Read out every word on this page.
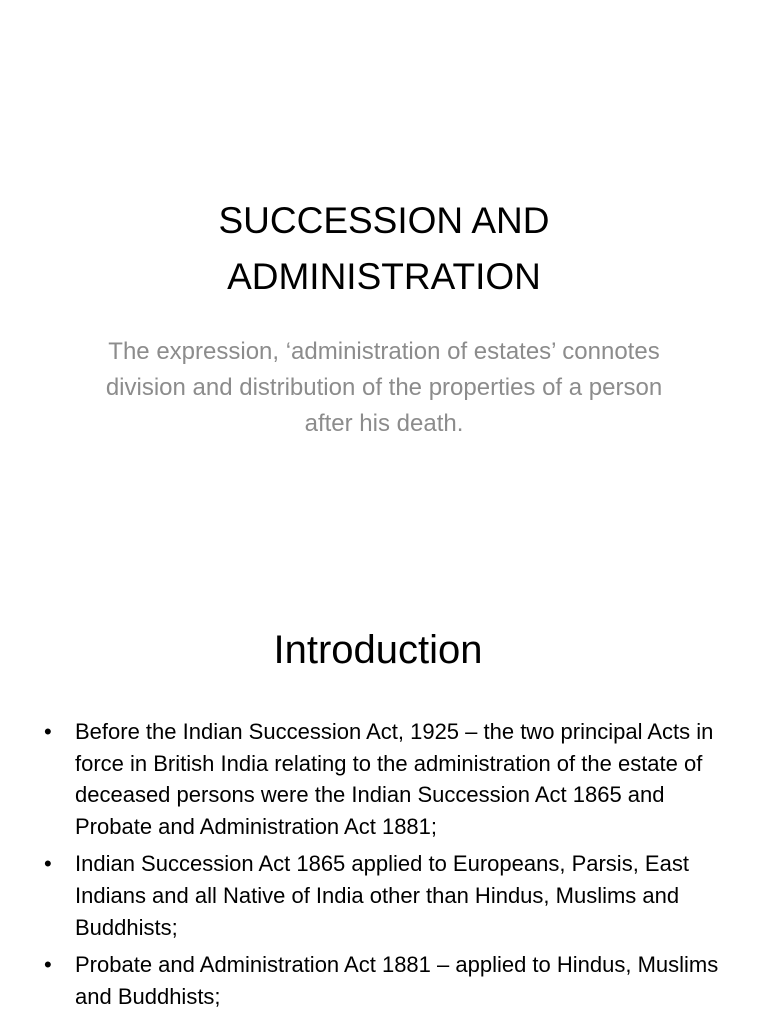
SUCCESSION AND
ADMINISTRATION
The expression, ‘administration of estates’ connotes division and distribution of the properties of a person after his death.
Introduction
• Before the Indian Succession Act, 1925 – the two principal Acts in force in British India relating to the administration of the estate of deceased persons were the Indian Succession Act 1865 and Probate and Administration Act 1881;
• Indian Succession Act 1865 applied to Europeans, Parsis, East Indians and all Native of India other than Hindus, Muslims and Buddhists;
• Probate and Administration Act 1881 – applied to Hindus, Muslims and Buddhists;
